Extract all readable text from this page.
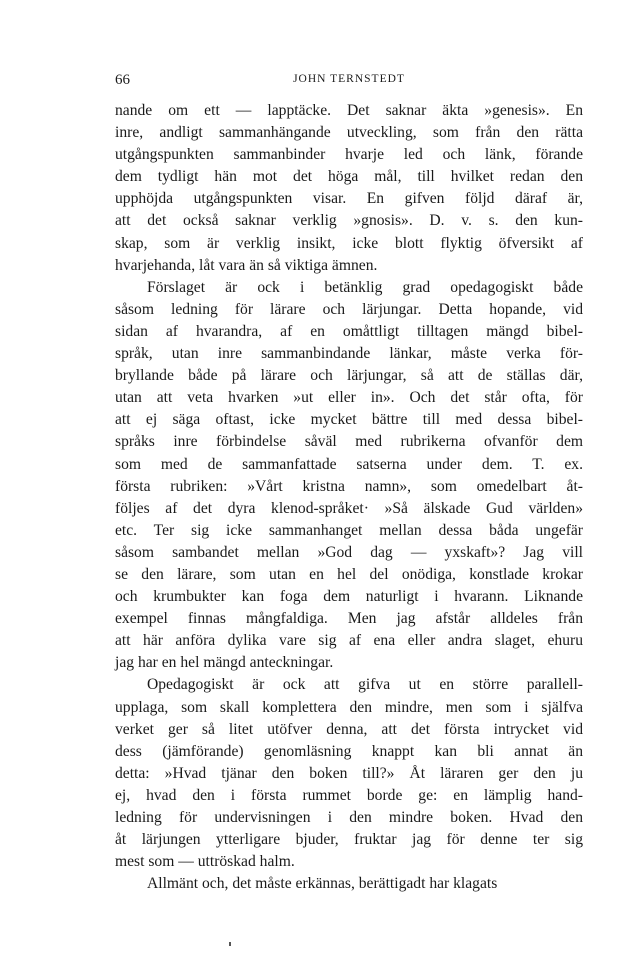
66	JOHN TERNSTEDT
nande om ett — lapptäcke. Det saknar äkta »genesis». En
inre, andligt sammanhängande utveckling, som från den rätta
utgångspunkten sammanbinder hvarje led och länk, förande
dem tydligt hän mot det höga mål, till hvilket redan den
upphöjda utgångspunkten visar. En gifven följd däraf är,
att det också saknar verklig »gnosis». D. v. s. den kun-
skap, som är verklig insikt, icke blott flyktig öfversikt af
hvarjehanda, låt vara än så viktiga ämnen.
Förslaget är ock i betänklig grad opedagogiskt både
såsom ledning för lärare och lärjungar. Detta hopande, vid
sidan af hvarandra, af en omåttligt tilltagen mängd bibel-
språk, utan inre sammanbindande länkar, måste verka för-
bryllande både på lärare och lärjungar, så att de ställas där,
utan att veta hvarken »ut eller in». Och det står ofta, för
att ej säga oftast, icke mycket bättre till med dessa bibel-
språks inre förbindelse såväl med rubrikerna ofvanför dem
som med de sammanfattade satserna under dem. T. ex.
första rubriken: »Vårt kristna namn», som omedelbart åt-
följes af det dyra klenod-språket· »Så älskade Gud världen»
etc. Ter sig icke sammanhanget mellan dessa båda ungefär
såsom sambandet mellan »God dag — yxskaft»? Jag vill
se den lärare, som utan en hel del onödiga, konstlade krokar
och krumbukter kan foga dem naturligt i hvarann. Liknande
exempel finnas mångfaldiga. Men jag afstår alldeles från
att här anföra dylika vare sig af ena eller andra slaget, ehuru
jag har en hel mängd anteckningar.
Opedagogiskt är ock att gifva ut en större parallell-
upplaga, som skall komplettera den mindre, men som i själfva
verket ger så litet utöfver denna, att det första intrycket vid
dess (jämförande) genomläsning knappt kan bli annat än
detta: »Hvad tjänar den boken till?» Åt läraren ger den ju
ej, hvad den i första rummet borde ge: en lämplig hand-
ledning för undervisningen i den mindre boken. Hvad den
åt lärjungen ytterligare bjuder, fruktar jag för denne ter sig
mest som — uttröskad halm.
Allmänt och, det måste erkännas, berättigadt har klagats
